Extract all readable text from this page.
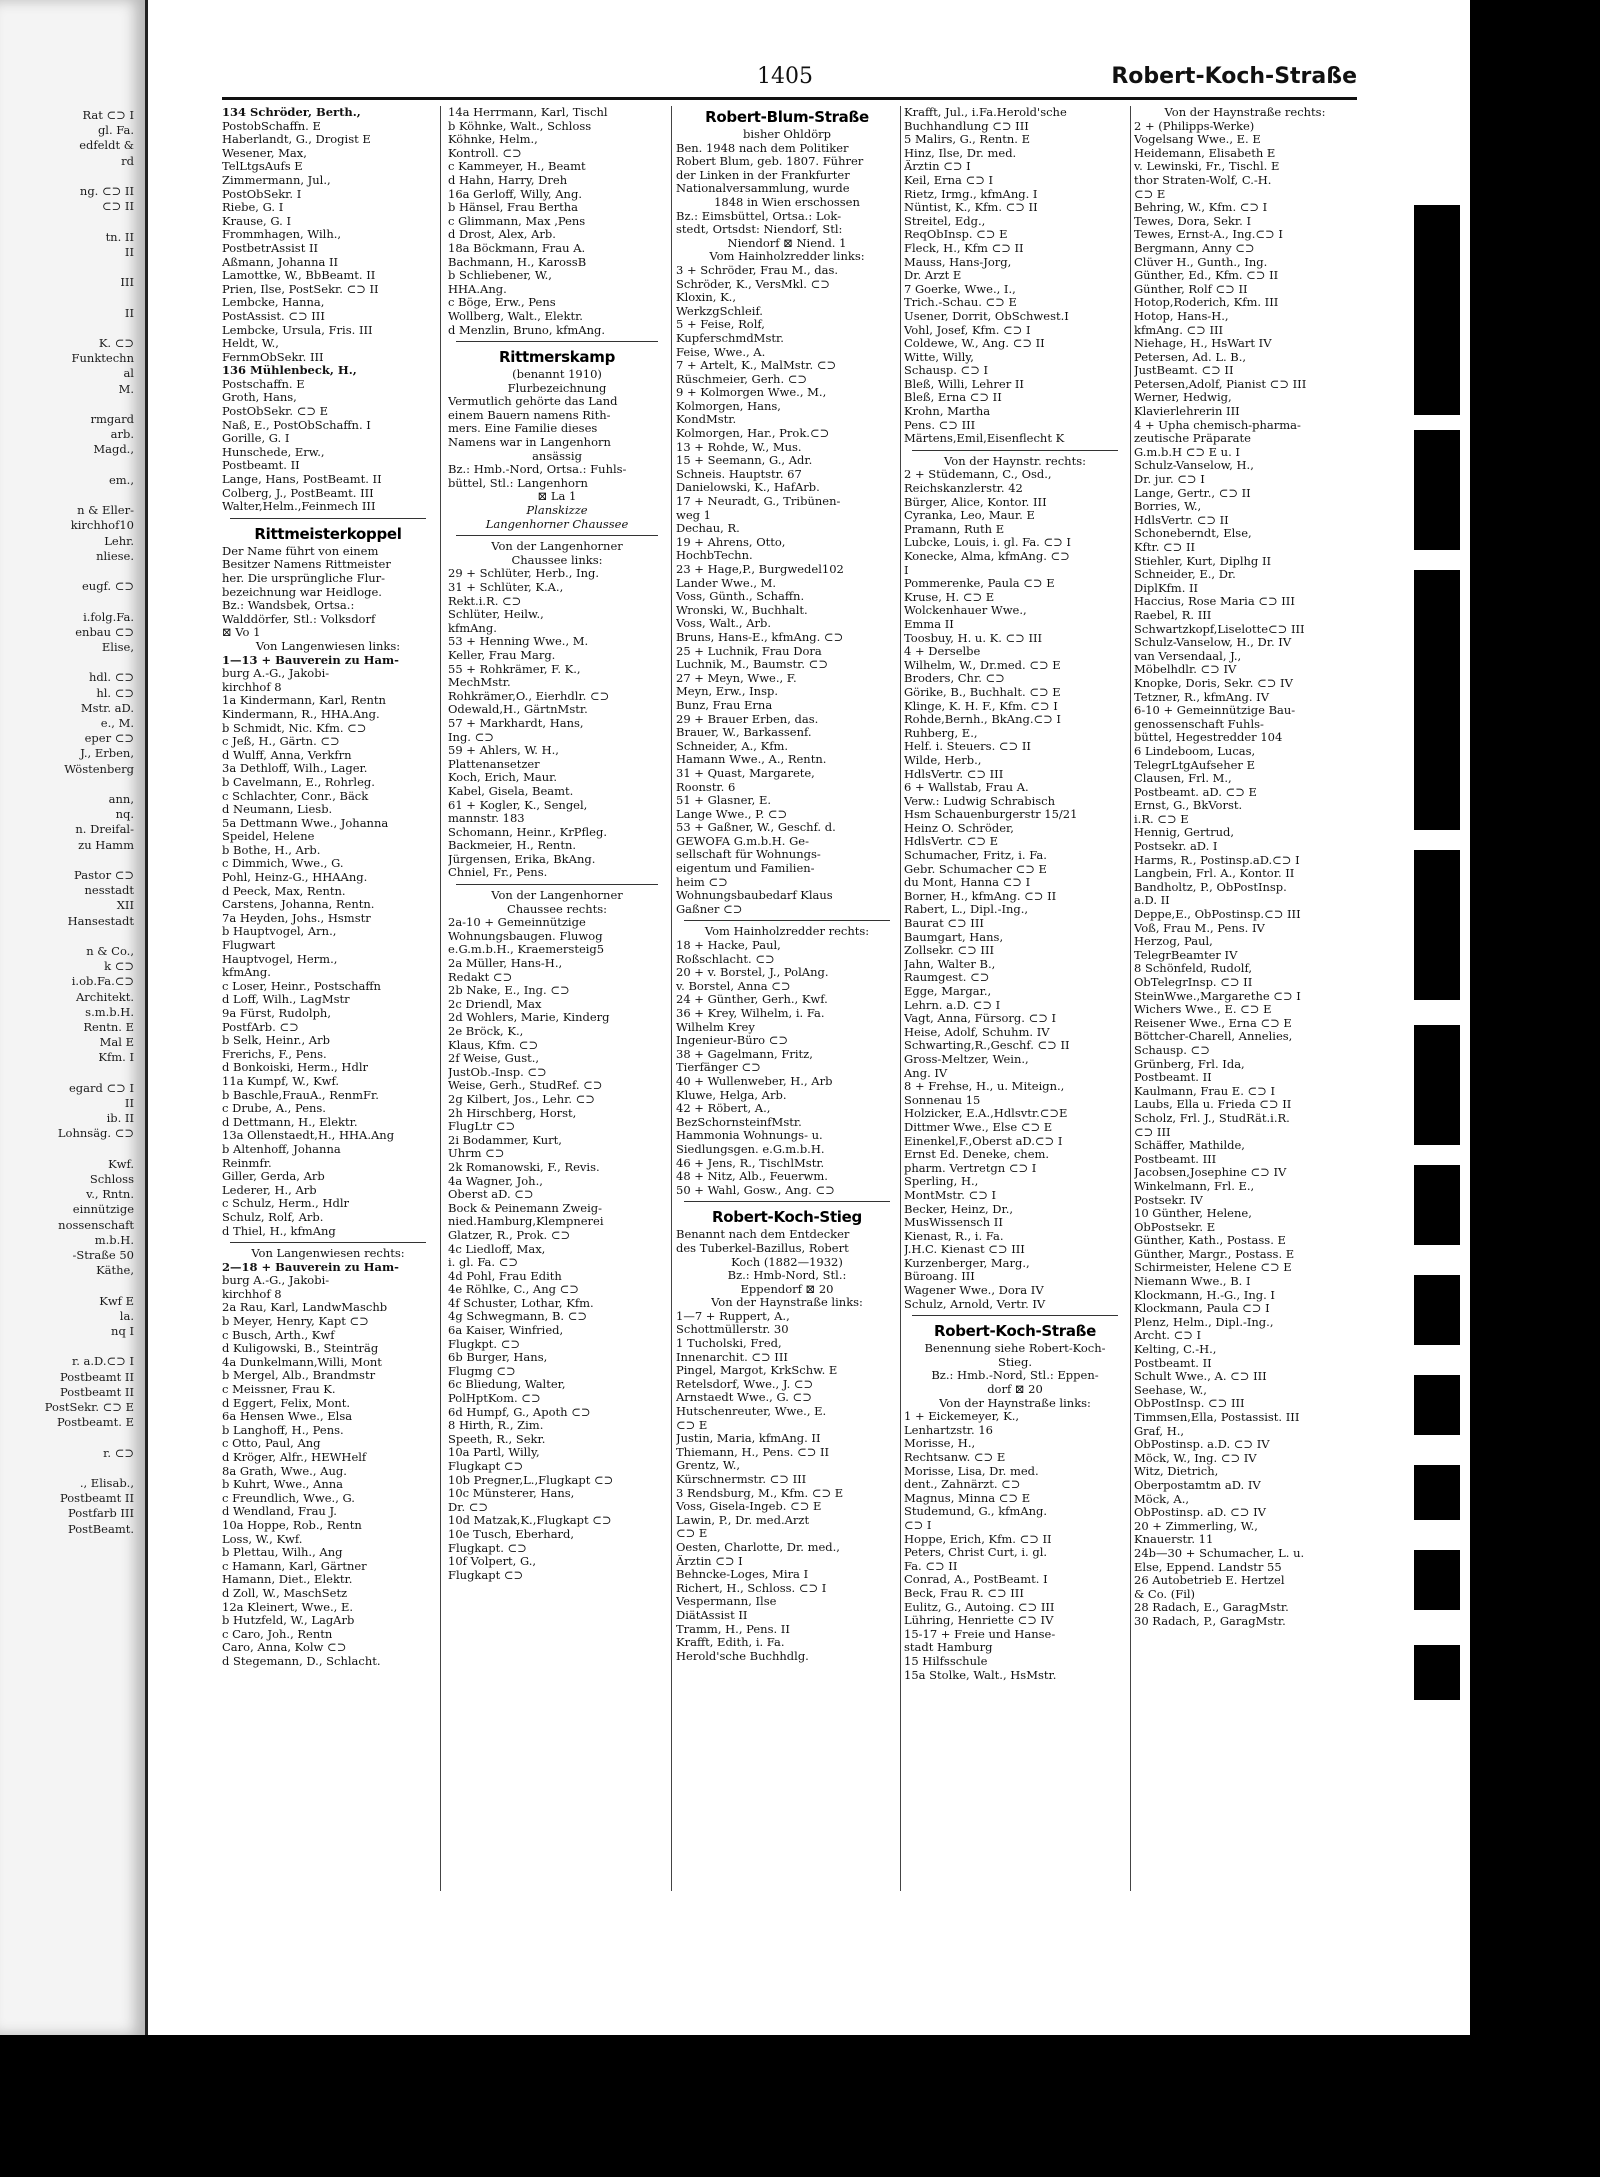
Rat ⊂⊃ I
gl. Fa.
edfeldt &
rd
ng. ⊂⊃ II
⊂⊃ II
tn. II
II
III
II
K. ⊂⊃
Funktechn
al
M.
rmgard
arb.
Magd.,
em.,
n & Eller-
kirchhof10
Lehr.
nliese.
eugf. ⊂⊃
i.folg.Fa.
enbau ⊂⊃
Elise,
hdl. ⊂⊃
hl. ⊂⊃
Mstr. aD.
e., M.
eper ⊂⊃
J., Erben,
Wöstenberg
ann,
nq.
n. Dreifal-
zu Hamm
Pastor ⊂⊃
nesstadt
XII
Hansestadt
n & Co.,
k ⊂⊃
i.ob.Fa.⊂⊃
Architekt.
s.m.b.H.
Rentn. E
Mal E
Kfm. I
egard ⊂⊃ I
II
ib. II
Lohnsäg. ⊂⊃
Kwf.
Schloss
v., Rntn.
einnützige
nossenschaft
m.b.H.
-Straße 50
Käthe,
Kwf E
la.
nq I
r. a.D.⊂⊃ I
Postbeamt II
Postbeamt II
PostSekr. ⊂⊃ E
Postbeamt. E
r. ⊂⊃
., Elisab.,
Postbeamt II
Postfarb III
PostBeamt.
1405	Robert-Koch-Straße
134 Schröder, Berth.,
PostobSchaffn. E
Haberlandt, G., Drogist E
Wesener, Max,
TelLtgsAufs E
Zimmermann, Jul.,
PostObSekr. I
Riebe, G. I
Krause, G. I
Frommhagen, Wilh.,
PostbetrAssist II
Aßmann, Johanna II
Lamottke, W., BbBeamt. II
Prien, Ilse, PostSekr. ⊂⊃ II
Lembcke, Hanna,
PostAssist. ⊂⊃ III
Lembcke, Ursula, Fris. III
Heldt, W.,
FernmObSekr. III
136 Mühlenbeck, H.,
Postschaffn. E
Groth, Hans,
PostObSekr. ⊂⊃ E
Naß, E., PostObSchaffn. I
Gorille, G. I
Hunschede, Erw.,
Postbeamt. II
Lange, Hans, PostBeamt. II
Colberg, J., PostBeamt. III
Walter,Helm.,Feinmech III
Rittmeisterkoppel
Der Name führt von einem
Besitzer Namens Rittmeister
her. Die ursprüngliche Flur-
bezeichnung war Heidloge.
Bz.: Wandsbek, Ortsa.:
Walddörfer, Stl.: Volksdorf
⊠ Vo 1
Von Langenwiesen links:
1—13 + Bauverein zu Ham-
burg A.-G., Jakobi-
kirchhof 8
1a Kindermann, Karl, Rentn
Kindermann, R., HHA.Ang.
b Schmidt, Nic. Kfm. ⊂⊃
c Jeß, H., Gärtn. ⊂⊃
d Wulff, Anna, Verkfrn
3a Dethloff, Wilh., Lager.
b Cavelmann, E., Rohrleg.
c Schlachter, Conr., Bäck
d Neumann, Liesb.
5a Dettmann Wwe., Johanna
Speidel, Helene
b Bothe, H., Arb.
c Dimmich, Wwe., G.
Pohl, Heinz-G., HHAAng.
d Peeck, Max, Rentn.
Carstens, Johanna, Rentn.
7a Heyden, Johs., Hsmstr
b Hauptvogel, Arn.,
Flugwart
Hauptvogel, Herm.,
kfmAng.
c Loser, Heinr., Postschaffn
d Loff, Wilh., LagMstr
9a Fürst, Rudolph,
PostfArb. ⊂⊃
b Selk, Heinr., Arb
Frerichs, F., Pens.
d Bonkoiski, Herm., Hdlr
11a Kumpf, W., Kwf.
b Baschle,FrauA., RenmFr.
c Drube, A., Pens.
d Dettmann, H., Elektr.
13a Ollenstaedt,H., HHA.Ang
b Altenhoff, Johanna
Reinmfr.
Giller, Gerda, Arb
Lederer, H., Arb
c Schulz, Herm., Hdlr
Schulz, Rolf, Arb.
d Thiel, H., kfmAng
Von Langenwiesen rechts:
2—18 + Bauverein zu Ham-
burg A.-G., Jakobi-
kirchhof 8
2a Rau, Karl, LandwMaschb
b Meyer, Henry, Kapt ⊂⊃
c Busch, Arth., Kwf
d Kuligowski, B., Steinträg
4a Dunkelmann,Willi, Mont
b Mergel, Alb., Brandmstr
c Meissner, Frau K.
d Eggert, Felix, Mont.
6a Hensen Wwe., Elsa
b Langhoff, H., Pens.
c Otto, Paul, Ang
d Kröger, Alfr., HEWHelf
8a Grath, Wwe., Aug.
b Kuhrt, Wwe., Anna
c Freundlich, Wwe., G.
d Wendland, Frau J.
10a Hoppe, Rob., Rentn
Loss, W., Kwf.
b Plettau, Wilh., Ang
c Hamann, Karl, Gärtner
Hamann, Diet., Elektr.
d Zoll, W., MaschSetz
12a Kleinert, Wwe., E.
b Hutzfeld, W., LagArb
c Caro, Joh., Rentn
Caro, Anna, Kolw ⊂⊃
d Stegemann, D., Schlacht.
14a Herrmann, Karl, Tischl
b Köhnke, Walt., Schloss
Köhnke, Helm.,
Kontroll. ⊂⊃
c Kammeyer, H., Beamt
d Hahn, Harry, Dreh
16a Gerloff, Willy, Ang.
b Hänsel, Frau Bertha
c Glimmann, Max ,Pens
d Drost, Alex, Arb.
18a Böckmann, Frau A.
Bachmann, H., KarossB
b Schliebener, W.,
HHA.Ang.
c Böge, Erw., Pens
Wollberg, Walt., Elektr.
d Menzlin, Bruno, kfmAng.
Rittmerskamp
(benannt 1910)
Flurbezeichnung
Vermutlich gehörte das Land
einem Bauern namens Rith-
mers. Eine Familie dieses
Namens war in Langenhorn
ansässig
Bz.: Hmb.-Nord, Ortsa.: Fuhls-
büttel, Stl.: Langenhorn
⊠ La 1
Planskizze
Langenhorner Chaussee
Von der Langenhorner
Chaussee links:
29 + Schlüter, Herb., Ing.
31 + Schlüter, K.A.,
Rekt.i.R. ⊂⊃
Schlüter, Heilw.,
kfmAng.
53 + Henning Wwe., M.
Keller, Frau Marg.
55 + Rohkrämer, F. K.,
MechMstr.
Rohkrämer,O., Eierhdlr. ⊂⊃
Odewald,H., GärtnMstr.
57 + Markhardt, Hans,
Ing. ⊂⊃
59 + Ahlers, W. H.,
Plattenansetzer
Koch, Erich, Maur.
Kabel, Gisela, Beamt.
61 + Kogler, K., Sengel,
mannstr. 183
Schomann, Heinr., KrPfleg.
Backmeier, H., Rentn.
Jürgensen, Erika, BkAng.
Chniel, Fr., Pens.
Von der Langenhorner
Chaussee rechts:
2a-10 + Gemeinnützige
Wohnungsbaugen. Fluwog
e.G.m.b.H., Kraemersteig5
2a Müller, Hans-H.,
Redakt ⊂⊃
2b Nake, E., Ing. ⊂⊃
2c Driendl, Max
2d Wohlers, Marie, Kinderg
2e Bröck, K.,
Klaus, Kfm. ⊂⊃
2f Weise, Gust.,
JustOb.-Insp. ⊂⊃
Weise, Gerh., StudRef. ⊂⊃
2g Kilbert, Jos., Lehr. ⊂⊃
2h Hirschberg, Horst,
FlugLtr ⊂⊃
2i Bodammer, Kurt,
Uhrm ⊂⊃
2k Romanowski, F., Revis.
4a Wagner, Joh.,
Oberst aD. ⊂⊃
Bock & Peinemann Zweig-
nied.Hamburg,Klempnerei
Glatzer, R., Prok. ⊂⊃
4c Liedloff, Max,
i. gl. Fa. ⊂⊃
4d Pohl, Frau Edith
4e Röhlke, C., Ang ⊂⊃
4f Schuster, Lothar, Kfm.
4g Schwegmann, B. ⊂⊃
6a Kaiser, Winfried,
Flugkpt. ⊂⊃
6b Burger, Hans,
Flugmg ⊂⊃
6c Bliedung, Walter,
PolHptKom. ⊂⊃
6d Humpf, G., Apoth ⊂⊃
8 Hirth, R., Zim.
Speeth, R., Sekr.
10a Partl, Willy,
Flugkapt ⊂⊃
10b Pregner,L.,Flugkapt ⊂⊃
10c Münsterer, Hans,
Dr. ⊂⊃
10d Matzak,K.,Flugkapt ⊂⊃
10e Tusch, Eberhard,
Flugkapt. ⊂⊃
10f Volpert, G.,
Flugkapt ⊂⊃
Robert-Blum-Straße
bisher Ohldörp
Ben. 1948 nach dem Politiker
Robert Blum, geb. 1807. Führer
der Linken in der Frankfurter
Nationalversammlung, wurde
1848 in Wien erschossen
Bz.: Eimsbüttel, Ortsa.: Lok-
stedt, Ortsdst: Niendorf, Stl:
Niendorf ⊠ Niend. 1
Vom Hainholzredder links:
3 + Schröder, Frau M., das.
Schröder, K., VersMkl. ⊂⊃
Kloxin, K.,
WerkzgSchleif.
5 + Feise, Rolf,
KupferschmdMstr.
Feise, Wwe., A.
7 + Artelt, K., MalMstr. ⊂⊃
Rüschmeier, Gerh. ⊂⊃
9 + Kolmorgen Wwe., M.,
Kolmorgen, Hans,
KondMstr.
Kolmorgen, Har., Prok.⊂⊃
13 + Rohde, W., Mus.
15 + Seemann, G., Adr.
Schneis. Hauptstr. 67
Danielowski, K., HafArb.
17 + Neuradt, G., Tribünen-
weg 1
Dechau, R.
19 + Ahrens, Otto,
HochbTechn.
23 + Hage,P., Burgwedel102
Lander Wwe., M.
Voss, Günth., Schaffn.
Wronski, W., Buchhalt.
Voss, Walt., Arb.
Bruns, Hans-E., kfmAng. ⊂⊃
25 + Luchnik, Frau Dora
Luchnik, M., Baumstr. ⊂⊃
27 + Meyn, Wwe., F.
Meyn, Erw., Insp.
Bunz, Frau Erna
29 + Brauer Erben, das.
Brauer, W., Barkassenf.
Schneider, A., Kfm.
Hamann Wwe., A., Rentn.
31 + Quast, Margarete,
Roonstr. 6
51 + Glasner, E.
Lange Wwe., P. ⊂⊃
53 + Gaßner, W., Geschf. d.
GEWOFA G.m.b.H. Ge-
sellschaft für Wohnungs-
eigentum und Familien-
heim ⊂⊃
Wohnungsbaubedarf Klaus
Gaßner ⊂⊃
Vom Hainholzredder rechts:
18 + Hacke, Paul,
Roßschlacht. ⊂⊃
20 + v. Borstel, J., PolAng.
v. Borstel, Anna ⊂⊃
24 + Günther, Gerh., Kwf.
36 + Krey, Wilhelm, i. Fa.
Wilhelm Krey
Ingenieur-Büro ⊂⊃
38 + Gagelmann, Fritz,
Tierfänger ⊂⊃
40 + Wullenweber, H., Arb
Kluwe, Helga, Arb.
42 + Röbert, A.,
BezSchornsteinfMstr.
Hammonia Wohnungs- u.
Siedlungsgen. e.G.m.b.H.
46 + Jens, R., TischlMstr.
48 + Nitz, Alb., Feuerwm.
50 + Wahl, Gosw., Ang. ⊂⊃
Robert-Koch-Stieg
Benannt nach dem Entdecker
des Tuberkel-Bazillus, Robert
Koch (1882—1932)
Bz.: Hmb-Nord, Stl.:
Eppendorf ⊠ 20
Von der Haynstraße links:
1—7 + Ruppert, A.,
Schottmüllerstr. 30
1 Tucholski, Fred,
Innenarchit. ⊂⊃ III
Pingel, Margot, KrkSchw. E
Retelsdorf, Wwe., J. ⊂⊃
Arnstaedt Wwe., G. ⊂⊃
Hutschenreuter, Wwe., E.
⊂⊃ E
Justin, Maria, kfmAng. II
Thiemann, H., Pens. ⊂⊃ II
Grentz, W.,
Kürschnermstr. ⊂⊃ III
3 Rendsburg, M., Kfm. ⊂⊃ E
Voss, Gisela-Ingeb. ⊂⊃ E
Lawin, P., Dr. med.Arzt
⊂⊃ E
Oesten, Charlotte, Dr. med.,
Ärztin ⊂⊃ I
Behncke-Loges, Mira I
Richert, H., Schloss. ⊂⊃ I
Vespermann, Ilse
DiätAssist II
Tramm, H., Pens. II
Krafft, Edith, i. Fa.
Herold'sche Buchhdlg.
Krafft, Jul., i.Fa.Herold'sche
Buchhandlung ⊂⊃ III
5 Malirs, G., Rentn. E
Hinz, Ilse, Dr. med.
Ärztin ⊂⊃ I
Keil, Erna ⊂⊃ I
Rietz, Irmg., kfmAng. I
Nüntist, K., Kfm. ⊂⊃ II
Streitel, Edg.,
ReqObInsp. ⊂⊃ E
Fleck, H., Kfm ⊂⊃ II
Mauss, Hans-Jorg,
Dr. Arzt E
7 Goerke, Wwe., I.,
Trich.-Schau. ⊂⊃ E
Usener, Dorrit, ObSchwest.I
Vohl, Josef, Kfm. ⊂⊃ I
Coldewe, W., Ang. ⊂⊃ II
Witte, Willy,
Schausp. ⊂⊃ I
Bleß, Willi, Lehrer II
Bleß, Erna ⊂⊃ II
Krohn, Martha
Pens. ⊂⊃ III
Märtens,Emil,Eisenflecht K
Von der Haynstr. rechts:
2 + Stüdemann, C., Osd.,
Reichskanzlerstr. 42
Bürger, Alice, Kontor. III
Cyranka, Leo, Maur. E
Pramann, Ruth E
Lubcke, Louis, i. gl. Fa. ⊂⊃ I
Konecke, Alma, kfmAng. ⊂⊃
I
Pommerenke, Paula ⊂⊃ E
Kruse, H. ⊂⊃ E
Wolckenhauer Wwe.,
Emma II
Toosbuy, H. u. K. ⊂⊃ III
4 + Derselbe
Wilhelm, W., Dr.med. ⊂⊃ E
Broders, Chr. ⊂⊃
Görike, B., Buchhalt. ⊂⊃ E
Klinge, K. H. F., Kfm. ⊂⊃ I
Rohde,Bernh., BkAng.⊂⊃ I
Ruhberg, E.,
Helf. i. Steuers. ⊂⊃ II
Wilde, Herb.,
HdlsVertr. ⊂⊃ III
6 + Wallstab, Frau A.
Verw.: Ludwig Schrabisch
Hsm Schauenburgerstr 15/21
Heinz O. Schröder,
HdlsVertr. ⊂⊃ E
Schumacher, Fritz, i. Fa.
Gebr. Schumacher ⊂⊃ E
du Mont, Hanna ⊂⊃ I
Borner, H., kfmAng. ⊂⊃ II
Rabert, L., Dipl.-Ing.,
Baurat ⊂⊃ III
Baumgart, Hans,
Zollsekr. ⊂⊃ III
Jahn, Walter B.,
Raumgest. ⊂⊃
Egge, Margar.,
Lehrn. a.D. ⊂⊃ I
Vagt, Anna, Fürsorg. ⊂⊃ I
Heise, Adolf, Schuhm. IV
Schwarting,R.,Geschf. ⊂⊃ II
Gross-Meltzer, Wein.,
Ang. IV
8 + Frehse, H., u. Miteign.,
Sonnenau 15
Holzicker, E.A.,Hdlsvtr.⊂⊃E
Dittmer Wwe., Else ⊂⊃ E
Einenkel,F.,Oberst aD.⊂⊃ I
Ernst Ed. Deneke, chem.
pharm. Vertretgn ⊂⊃ I
Sperling, H.,
MontMstr. ⊂⊃ I
Becker, Heinz, Dr.,
MusWissensch II
Kienast, R., i. Fa.
J.H.C. Kienast ⊂⊃ III
Kurzenberger, Marg.,
Büroang. III
Wagener Wwe., Dora IV
Schulz, Arnold, Vertr. IV
Robert-Koch-Straße
Benennung siehe Robert-Koch-
Stieg.
Bz.: Hmb.-Nord, Stl.: Eppen-
dorf ⊠ 20
Von der Haynstraße links:
1 + Eickemeyer, K.,
Lenhartzstr. 16
Morisse, H.,
Rechtsanw. ⊂⊃ E
Morisse, Lisa, Dr. med.
dent., Zahnärzt. ⊂⊃
Magnus, Minna ⊂⊃ E
Studemund, G., kfmAng.
⊂⊃ I
Hoppe, Erich, Kfm. ⊂⊃ II
Peters, Christ Curt, i. gl.
Fa. ⊂⊃ II
Conrad, A., PostBeamt. I
Beck, Frau R. ⊂⊃ III
Eulitz, G., Autoing. ⊂⊃ III
Lühring, Henriette ⊂⊃ IV
15-17 + Freie und Hanse-
stadt Hamburg
15 Hilfsschule
15a Stolke, Walt., HsMstr.
Von der Haynstraße rechts:
2 + (Philipps-Werke)
Vogelsang Wwe., E. E
Heidemann, Elisabeth E
v. Lewinski, Fr., Tischl. E
thor Straten-Wolf, C.-H.
⊂⊃ E
Behring, W., Kfm. ⊂⊃ I
Tewes, Dora, Sekr. I
Tewes, Ernst-A., Ing.⊂⊃ I
Bergmann, Anny ⊂⊃
Clüver H., Gunth., Ing.
Günther, Ed., Kfm. ⊂⊃ II
Günther, Rolf ⊂⊃ II
Hotop,Roderich, Kfm. III
Hotop, Hans-H.,
kfmAng. ⊂⊃ III
Niehage, H., HsWart IV
Petersen, Ad. L. B.,
JustBeamt. ⊂⊃ II
Petersen,Adolf, Pianist ⊂⊃ III
Werner, Hedwig,
Klavierlehrerin III
4 + Upha chemisch-pharma-
zeutische Präparate
G.m.b.H ⊂⊃ E u. I
Schulz-Vanselow, H.,
Dr. jur. ⊂⊃ I
Lange, Gertr., ⊂⊃ II
Borries, W.,
HdlsVertr. ⊂⊃ II
Schoneberndt, Else,
Kftr. ⊂⊃ II
Stiehler, Kurt, Diplhg II
Schneider, E., Dr.
DiplKfm. II
Haccius, Rose Maria ⊂⊃ III
Raebel, R. III
Schwartzkopf,Liselotte⊂⊃ III
Schulz-Vanselow, H., Dr. IV
van Versendaal, J.,
Möbelhdlr. ⊂⊃ IV
Knopke, Doris, Sekr. ⊂⊃ IV
Tetzner, R., kfmAng. IV
6-10 + Gemeinnützige Bau-
genossenschaft Fuhls-
büttel, Hegestredder 104
6 Lindeboom, Lucas,
TelegrLtgAufseher E
Clausen, Frl. M.,
Postbeamt. aD. ⊂⊃ E
Ernst, G., BkVorst.
i.R. ⊂⊃ E
Hennig, Gertrud,
Postsekr. aD. I
Harms, R., Postinsp.aD.⊂⊃ I
Langbein, Frl. A., Kontor. II
Bandholtz, P., ObPostInsp.
a.D. II
Deppe,E., ObPostinsp.⊂⊃ III
Voß, Frau M., Pens. IV
Herzog, Paul,
TelegrBeamter IV
8 Schönfeld, Rudolf,
ObTelegrInsp. ⊂⊃ II
SteinWwe.,Margarethe ⊂⊃ I
Wichers Wwe., E. ⊂⊃ E
Reisener Wwe., Erna ⊂⊃ E
Böttcher-Charell, Annelies,
Schausp. ⊂⊃
Grünberg, Frl. Ida,
Postbeamt. II
Kaulmann, Frau E. ⊂⊃ I
Laubs, Ella u. Frieda ⊂⊃ II
Scholz, Frl. J., StudRät.i.R.
⊂⊃ III
Schäffer, Mathilde,
Postbeamt. III
Jacobsen,Josephine ⊂⊃ IV
Winkelmann, Frl. E.,
Postsekr. IV
10 Günther, Helene,
ObPostsekr. E
Günther, Kath., Postass. E
Günther, Margr., Postass. E
Schirmeister, Helene ⊂⊃ E
Niemann Wwe., B. I
Klockmann, H.-G., Ing. I
Klockmann, Paula ⊂⊃ I
Plenz, Helm., Dipl.-Ing.,
Archt. ⊂⊃ I
Kelting, C.-H.,
Postbeamt. II
Schult Wwe., A. ⊂⊃ III
Seehase, W.,
ObPostInsp. ⊂⊃ III
Timmsen,Ella, Postassist. III
Graf, H.,
ObPostinsp. a.D. ⊂⊃ IV
Möck, W., Ing. ⊂⊃ IV
Witz, Dietrich,
Oberpostamtm aD. IV
Möck, A.,
ObPostinsp. aD. ⊂⊃ IV
20 + Zimmerling, W.,
Knauerstr. 11
24b—30 + Schumacher, L. u.
Else, Eppend. Landstr 55
26 Autobetrieb E. Hertzel
& Co. (Fil)
28 Radach, E., GaragMstr.
30 Radach, P., GaragMstr.
